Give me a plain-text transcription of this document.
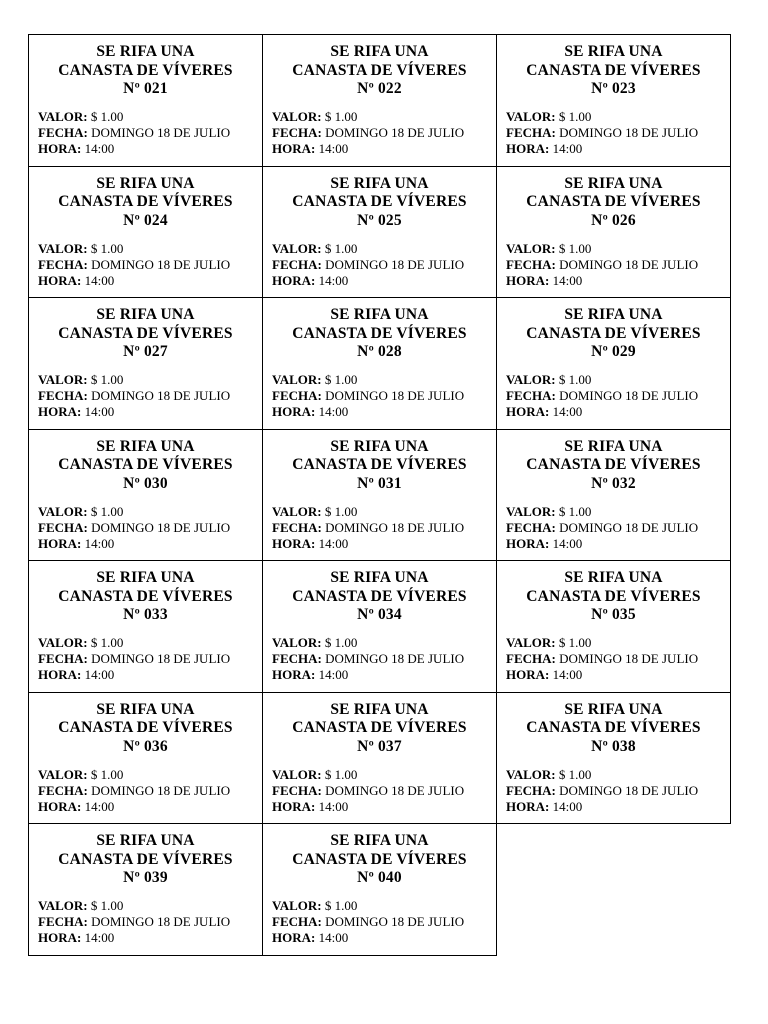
SE RIFA UNA
CANASTA DE VÍVERES
Nº 021
VALOR: $ 1.00
FECHA: DOMINGO 18 DE JULIO
HORA: 14:00
SE RIFA UNA
CANASTA DE VÍVERES
Nº 022
VALOR: $ 1.00
FECHA: DOMINGO 18 DE JULIO
HORA: 14:00
SE RIFA UNA
CANASTA DE VÍVERES
Nº 023
VALOR: $ 1.00
FECHA: DOMINGO 18 DE JULIO
HORA: 14:00
SE RIFA UNA
CANASTA DE VÍVERES
Nº 024
VALOR: $ 1.00
FECHA: DOMINGO 18 DE JULIO
HORA: 14:00
SE RIFA UNA
CANASTA DE VÍVERES
Nº 025
VALOR: $ 1.00
FECHA: DOMINGO 18 DE JULIO
HORA: 14:00
SE RIFA UNA
CANASTA DE VÍVERES
Nº 026
VALOR: $ 1.00
FECHA: DOMINGO 18 DE JULIO
HORA: 14:00
SE RIFA UNA
CANASTA DE VÍVERES
Nº 027
VALOR: $ 1.00
FECHA: DOMINGO 18 DE JULIO
HORA: 14:00
SE RIFA UNA
CANASTA DE VÍVERES
Nº 028
VALOR: $ 1.00
FECHA: DOMINGO 18 DE JULIO
HORA: 14:00
SE RIFA UNA
CANASTA DE VÍVERES
Nº 029
VALOR: $ 1.00
FECHA: DOMINGO 18 DE JULIO
HORA: 14:00
SE RIFA UNA
CANASTA DE VÍVERES
Nº 030
VALOR: $ 1.00
FECHA: DOMINGO 18 DE JULIO
HORA: 14:00
SE RIFA UNA
CANASTA DE VÍVERES
Nº 031
VALOR: $ 1.00
FECHA: DOMINGO 18 DE JULIO
HORA: 14:00
SE RIFA UNA
CANASTA DE VÍVERES
Nº 032
VALOR: $ 1.00
FECHA: DOMINGO 18 DE JULIO
HORA: 14:00
SE RIFA UNA
CANASTA DE VÍVERES
Nº 033
VALOR: $ 1.00
FECHA: DOMINGO 18 DE JULIO
HORA: 14:00
SE RIFA UNA
CANASTA DE VÍVERES
Nº 034
VALOR: $ 1.00
FECHA: DOMINGO 18 DE JULIO
HORA: 14:00
SE RIFA UNA
CANASTA DE VÍVERES
Nº 035
VALOR: $ 1.00
FECHA: DOMINGO 18 DE JULIO
HORA: 14:00
SE RIFA UNA
CANASTA DE VÍVERES
Nº 036
VALOR: $ 1.00
FECHA: DOMINGO 18 DE JULIO
HORA: 14:00
SE RIFA UNA
CANASTA DE VÍVERES
Nº 037
VALOR: $ 1.00
FECHA: DOMINGO 18 DE JULIO
HORA: 14:00
SE RIFA UNA
CANASTA DE VÍVERES
Nº 038
VALOR: $ 1.00
FECHA: DOMINGO 18 DE JULIO
HORA: 14:00
SE RIFA UNA
CANASTA DE VÍVERES
Nº 039
VALOR: $ 1.00
FECHA: DOMINGO 18 DE JULIO
HORA: 14:00
SE RIFA UNA
CANASTA DE VÍVERES
Nº 040
VALOR: $ 1.00
FECHA: DOMINGO 18 DE JULIO
HORA: 14:00
